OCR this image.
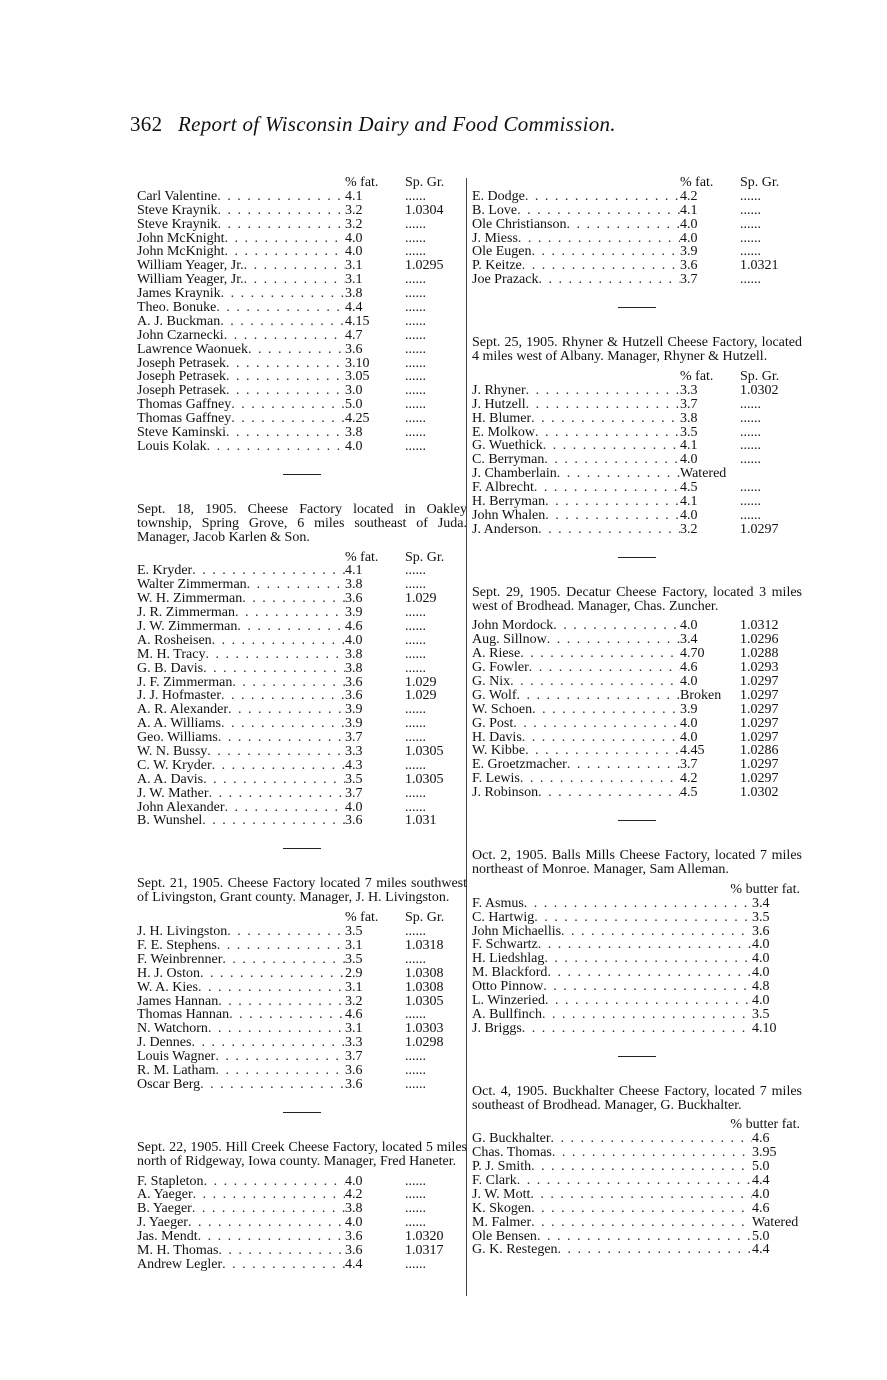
362 Report of Wisconsin Dairy and Food Commission.
% fat.	Sp. Gr.
Carl Valentine . . .	4.1	......
Steve Kraynik . . .	3.2	1.0304
Steve Kraynik . . .	3.2	......
John McKnight . . .	4.0	......
John McKnight . . .	4.0	......
William Yeager, Jr. . . .	3.1	1.0295
William Yeager, Jr. . . .	3.1	......
James Kraynik . . .	3.8	......
Theo. Bonuke . . .	4.4	......
A. J. Buckman . . .	4.15	......
John Czarnecki . . .	4.7	......
Lawrence Waonuek . . .	3.6	......
Joseph Petrasek . . .	3.10	......
Joseph Petrasek . . .	3.05	......
Joseph Petrasek . . .	3.0	......
Thomas Gaffney . . .	5.0	......
Thomas Gaffney . . .	4.25	......
Steve Kaminski . . .	3.8	......
Louis Kolak . . .	4.0	......

Sept. 18, 1905. Cheese Factory located in Oakley township, Spring Grove, 6 miles southeast of Juda. Manager, Jacob Karlen & Son.

% fat.	Sp. Gr.
E. Kryder . . .	4.1	......
Walter Zimmerman . . .	3.8	......
W. H. Zimmerman . . .	3.6	1.029
J. R. Zimmerman . . .	3.9	......
J. W. Zimmerman . . .	4.6	......
A. Rosheisen . . .	4.0	......
M. H. Tracy . . .	3.8	......
G. B. Davis . . .	3.8	......
J. F. Zimmerman . . .	3.6	1.029
J. J. Hofmaster . . .	3.6	1.029
A. R. Alexander . . .	3.9	......
A. A. Williams . . .	3.9	......
Geo. Williams . . .	3.7	......
W. N. Bussy . . .	3.3	1.0305
C. W. Kryder . . .	4.3	......
A. A. Davis . . .	3.5	1.0305
J. W. Mather . . .	3.7	......
John Alexander . . .	4.0	......
B. Wunshel . . .	3.6	1.031

Sept. 21, 1905. Cheese Factory located 7 miles southwest of Livingston, Grant county. Manager, J. H. Livingston.

% fat.	Sp. Gr.
J. H. Livingston . . .	3.5	......
F. E. Stephens . . .	3.1	1.0318
F. Weinbrenner . . .	3.5	......
H. J. Oston . . .	2.9	1.0308
W. A. Kies . . .	3.1	1.0308
James Hannan . . .	3.2	1.0305
Thomas Hannan . . .	4.6	......
N. Watchorn . . .	3.1	1.0303
J. Dennes . . .	3.3	1.0298
Louis Wagner . . .	3.7	......
R. M. Latham . . .	3.6	......
Oscar Berg . . .	3.6	......

Sept. 22, 1905. Hill Creek Cheese Factory, located 5 miles north of Ridgeway, Iowa county. Manager, Fred Haneter.

F. Stapleton . . .	4.0	......
A. Yaeger . . .	4.2	......
B. Yaeger . . .	3.8	......
J. Yaeger . . .	4.0	......
Jas. Mendt . . .	3.6	1.0320
M. H. Thomas . . .	3.6	1.0317
Andrew Legler . . .	4.4	......
% fat.	Sp. Gr.
E. Dodge . . .	4.2	......
B. Love . . .	4.1	......
Ole Christianson . . .	4.0	......
J. Miess . . .	4.0	......
Ole Eugen . . .	3.9	......
P. Keitze . . .	3.6	1.0321
Joe Prazack . . .	3.7	......

Sept. 25, 1905. Rhyner & Hutzell Cheese Factory, located 4 miles west of Albany. Manager, Rhyner & Hutzell.

% fat.	Sp. Gr.
J. Rhyner . . .	3.3	1.0302
J. Hutzell . . .	3.7	......
H. Blumer . . .	3.8	......
E. Molkow . . .	3.5	......
G. Wuethick . . .	4.1	......
C. Berryman . . .	4.0	......
J. Chamberlain . . .	Watered
F. Albrecht . . .	4.5	......
H. Berryman . . .	4.1	......
John Whalen . . .	4.0	......
J. Anderson . . .	3.2	1.0297

Sept. 29, 1905. Decatur Cheese Factory, located 3 miles west of Brodhead. Manager, Chas. Zuncher.

John Mordock . . .	4.0	1.0312
Aug. Sillnow . . .	3.4	1.0296
A. Riese . . .	4.70	1.0288
G. Fowler . . .	4.6	1.0293
G. Nix . . .	4.0	1.0297
G. Wolf . . .	Broken	1.0297
W. Schoen . . .	3.9	1.0297
G. Post . . .	4.0	1.0297
H. Davis . . .	4.0	1.0297
W. Kibbe . . .	4.45	1.0286
E. Groetzmacher . . .	3.7	1.0297
F. Lewis . . .	4.2	1.0297
J. Robinson . . .	4.5	1.0302

Oct. 2, 1905. Balls Mills Cheese Factory, located 7 miles northeast of Monroe. Manager, Sam Alleman.

% butter fat.
F. Asmus . . .	3.4
C. Hartwig . . .	3.5
John Michaellis . . .	3.6
F. Schwartz . . .	4.0
H. Liedshlag . . .	4.0
M. Blackford . . .	4.0
Otto Pinnow . . .	4.8
L. Winzeried . . .	4.0
A. Bullfinch . . .	3.5
J. Briggs . . .	4.10

Oct. 4, 1905. Buckhalter Cheese Factory, located 7 miles southeast of Brodhead. Manager, G. Buckhalter.

% butter fat.
G. Buckhalter . . .	4.6
Chas. Thomas . . .	3.95
P. J. Smith . . .	5.0
F. Clark . . .	4.4
J. W. Mott . . .	4.0
K. Skogen . . .	4.6
M. Falmer . . .	Watered
Ole Bensen . . .	5.0
G. K. Restegen . . .	4.4
